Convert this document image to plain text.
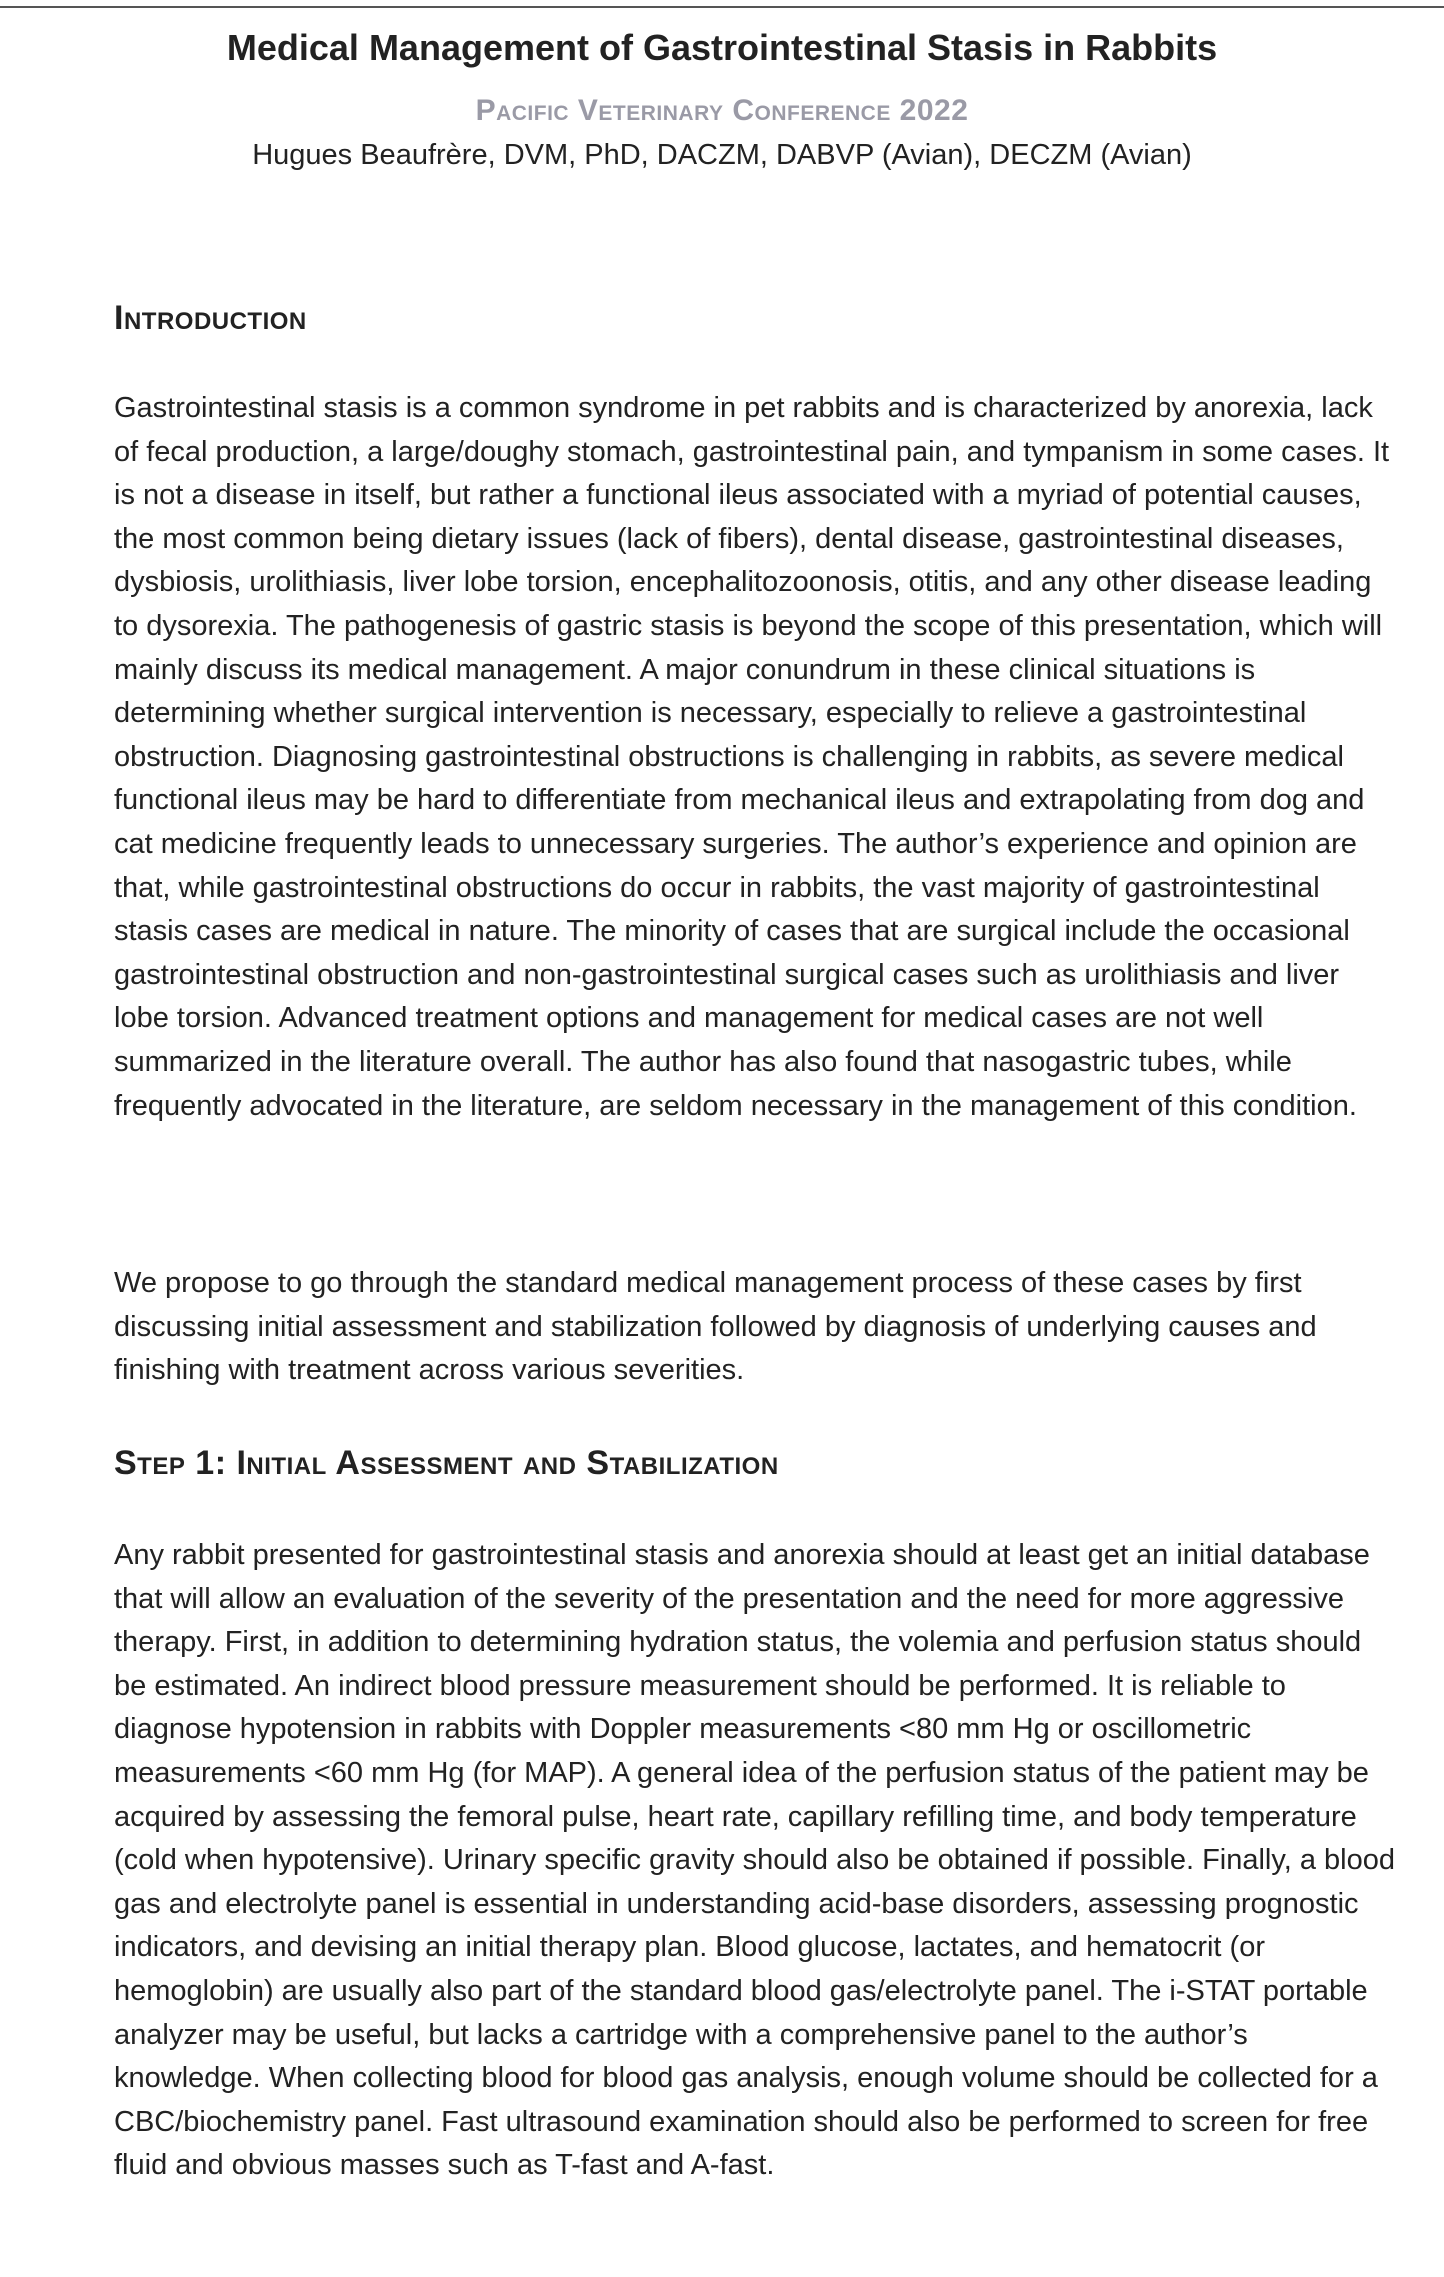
Medical Management of Gastrointestinal Stasis in Rabbits
Pacific Veterinary Conference 2022
Hugues Beaufrère, DVM, PhD, DACZM, DABVP (Avian), DECZM (Avian)
Introduction

Gastrointestinal stasis is a common syndrome in pet rabbits and is characterized by anorexia, lack of fecal production, a large/doughy stomach, gastrointestinal pain, and tympanism in some cases. It is not a disease in itself, but rather a functional ileus associated with a myriad of potential causes, the most common being dietary issues (lack of fibers), dental disease, gastrointestinal diseases, dysbiosis, urolithiasis, liver lobe torsion, encephalitozoonosis, otitis, and any other disease leading to dysorexia. The pathogenesis of gastric stasis is beyond the scope of this presentation, which will mainly discuss its medical management. A major conundrum in these clinical situations is determining whether surgical intervention is necessary, especially to relieve a gastrointestinal obstruction. Diagnosing gastrointestinal obstructions is challenging in rabbits, as severe medical functional ileus may be hard to differentiate from mechanical ileus and extrapolating from dog and cat medicine frequently leads to unnecessary surgeries. The author’s experience and opinion are that, while gastrointestinal obstructions do occur in rabbits, the vast majority of gastrointestinal stasis cases are medical in nature. The minority of cases that are surgical include the occasional gastrointestinal obstruction and non-gastrointestinal surgical cases such as urolithiasis and liver lobe torsion. Advanced treatment options and management for medical cases are not well summarized in the literature overall. The author has also found that nasogastric tubes, while frequently advocated in the literature, are seldom necessary in the management of this condition.

We propose to go through the standard medical management process of these cases by first discussing initial assessment and stabilization followed by diagnosis of underlying causes and finishing with treatment across various severities.

Step 1: Initial Assessment and Stabilization

Any rabbit presented for gastrointestinal stasis and anorexia should at least get an initial database that will allow an evaluation of the severity of the presentation and the need for more aggressive therapy. First, in addition to determining hydration status, the volemia and perfusion status should be estimated. An indirect blood pressure measurement should be performed. It is reliable to diagnose hypotension in rabbits with Doppler measurements <80 mm Hg or oscillometric measurements <60 mm Hg (for MAP). A general idea of the perfusion status of the patient may be acquired by assessing the femoral pulse, heart rate, capillary refilling time, and body temperature (cold when hypotensive). Urinary specific gravity should also be obtained if possible. Finally, a blood gas and electrolyte panel is essential in understanding acid-base disorders, assessing prognostic indicators, and devising an initial therapy plan. Blood glucose, lactates, and hematocrit (or hemoglobin) are usually also part of the standard blood gas/electrolyte panel. The i-STAT portable analyzer may be useful, but lacks a cartridge with a comprehensive panel to the author’s knowledge. When collecting blood for blood gas analysis, enough volume should be collected for a CBC/biochemistry panel. Fast ultrasound examination should also be performed to screen for free fluid and obvious masses such as T-fast and A-fast.
